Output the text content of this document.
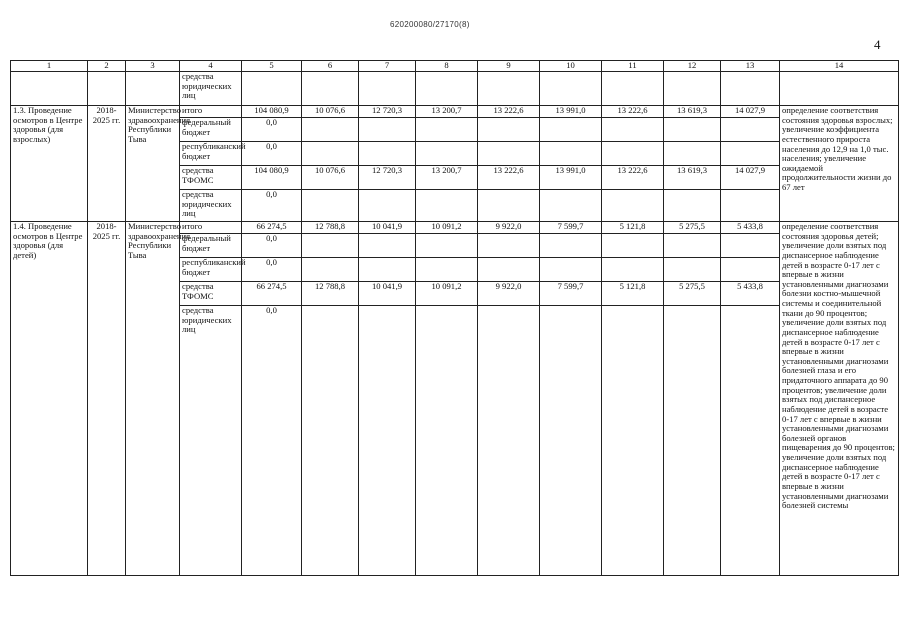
620200080/27170(8)
4
1	2	3	4	5	6	7	8	9	10	11	12	13	14
			средства юридических лиц										
1.3. Проведение осмотров в Центре здоровья (для взрослых)	2018-2025 гг.	Министерство здравоохранения Республики Тыва	итого	104 080,9	10 076,6	12 720,3	13 200,7	13 222,6	13 991,0	13 222,6	13 619,3	14 027,9	определение соответствия состояния здоровья взрослых; увеличение коэффициента естественного прироста населения до 12,9 на 1,0 тыс. населения; увеличение ожидаемой продолжительности жизни до 67 лет
			федеральный бюджет	0,0									
			республиканский бюджет	0,0									
			средства ТФОМС	104 080,9	10 076,6	12 720,3	13 200,7	13 222,6	13 991,0	13 222,6	13 619,3	14 027,9	
			средства юридических лиц	0,0									
1.4. Проведение осмотров в Центре здоровья (для детей)	2018-2025 гг.	Министерство здравоохранения Республики Тыва	итого	66 274,5	12 788,8	10 041,9	10 091,2	9 922,0	7 599,7	5 121,8	5 275,5	5 433,8	определение соответствия состояния здоровья детей; увеличение доли взятых под диспансерное наблюдение детей в возрасте 0-17 лет с впервые в жизни установленными диагнозами болезни костно-мышечной системы и соединительной ткани до 90 процентов; увеличение доли взятых под диспансерное наблюдение детей в возрасте 0-17 лет с впервые в жизни установленными диагнозами болезней глаза и его придаточного аппарата до 90 процентов; увеличение доли взятых под диспансерное наблюдение детей в возрасте 0-17 лет с впервые в жизни установленными диагнозами болезней органов пищеварения до 90 процентов; увеличение доли взятых под диспансерное наблюдение детей в возрасте 0-17 лет с впервые в жизни установленными диагнозами болезней системы
			федеральный бюджет	0,0									
			республиканский бюджет	0,0									
			средства ТФОМС	66 274,5	12 788,8	10 041,9	10 091,2	9 922,0	7 599,7	5 121,8	5 275,5	5 433,8	
			средства юридических лиц	0,0									
